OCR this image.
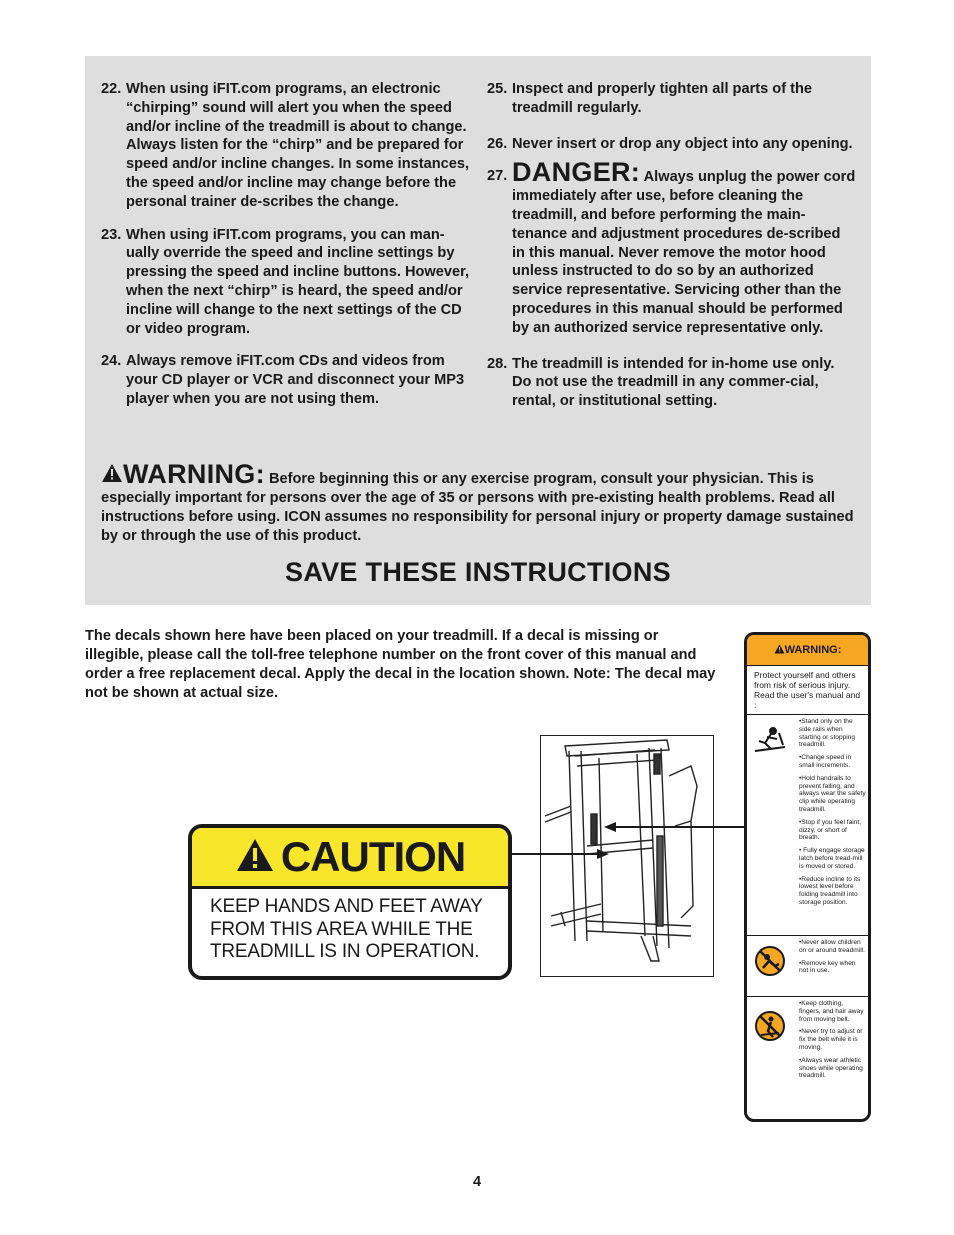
22. When using iFIT.com programs, an electronic “chirping” sound will alert you when the speed and/or incline of the treadmill is about to change. Always listen for the “chirp” and be prepared for speed and/or incline changes. In some instances, the speed and/or incline may change before the personal trainer de-scribes the change.
23. When using iFIT.com programs, you can man-ually override the speed and incline settings by pressing the speed and incline buttons. However, when the next “chirp” is heard, the speed and/or incline will change to the next settings of the CD or video program.
24. Always remove iFIT.com CDs and videos from your CD player or VCR and disconnect your MP3 player when you are not using them.
25. Inspect and properly tighten all parts of the treadmill regularly.
26. Never insert or drop any object into any opening.
27. DANGER: Always unplug the power cord immediately after use, before cleaning the treadmill, and before performing the main-tenance and adjustment procedures de-scribed in this manual. Never remove the motor hood unless instructed to do so by an authorized service representative. Servicing other than the procedures in this manual should be performed by an authorized service representative only.
28. The treadmill is intended for in-home use only. Do not use the treadmill in any commer-cial, rental, or institutional setting.
WARNING: Before beginning this or any exercise program, consult your physician. This is especially important for persons over the age of 35 or persons with pre-existing health problems. Read all instructions before using. ICON assumes no responsibility for personal injury or property damage sustained by or through the use of this product.
SAVE THESE INSTRUCTIONS
The decals shown here have been placed on your treadmill. If a decal is missing or illegible, please call the toll-free telephone number on the front cover of this manual and order a free replacement decal. Apply the decal in the location shown. Note: The decal may not be shown at actual size.
CAUTION
KEEP HANDS AND FEET AWAY
FROM THIS AREA WHILE THE
TREADMILL IS IN OPERATION.
WARNING:
Protect yourself and others from risk of serious injury. Read the user's manual and :
•Stand only on the side rails when starting or stopping treadmill.
•Change speed in small increments.
•Hold handrails to prevent falling, and always wear the safety clip while operating treadmill.
•Stop if you feel faint, dizzy, or short of breath.
• Fully engage storage latch before tread-mill is moved or stored.
•Reduce incline to its lowest level before folding treadmill into storage position.
•Never allow children on or around treadmill.
•Remove key when not in use.
•Keep clothing, fingers, and hair away from moving belt.
•Never try to adjust or fix the belt while it is moving.
•Always wear athletic shoes while operating treadmill.
4
